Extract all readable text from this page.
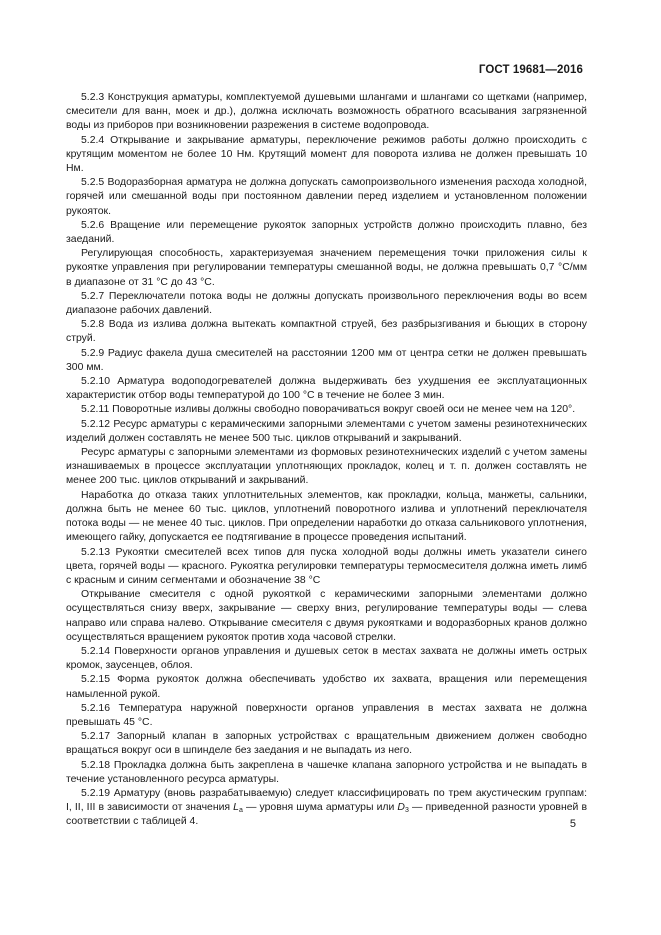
ГОСТ 19681—2016

5.2.3 Конструкция арматуры, комплектуемой душевыми шлангами и шлангами со щетками (например, смесители для ванн, моек и др.), должна исключать возможность обратного всасывания загрязненной воды из приборов при возникновении разрежения в системе водопровода.

5.2.4 Открывание и закрывание арматуры, переключение режимов работы должно происходить с крутящим моментом не более 10 Нм. Крутящий момент для поворота излива не должен превышать 10 Нм.

5.2.5 Водоразборная арматура не должна допускать самопроизвольного изменения расхода холодной, горячей или смешанной воды при постоянном давлении перед изделием и установленном положении рукояток.

5.2.6 Вращение или перемещение рукояток запорных устройств должно происходить плавно, без заеданий.

Регулирующая способность, характеризуемая значением перемещения точки приложения силы к рукоятке управления при регулировании температуры смешанной воды, не должна превышать 0,7 °С/мм в диапазоне от 31 °С до 43 °С.

5.2.7 Переключатели потока воды не должны допускать произвольного переключения воды во всем диапазоне рабочих давлений.

5.2.8 Вода из излива должна вытекать компактной струей, без разбрызгивания и бьющих в сторону струй.

5.2.9 Радиус факела душа смесителей на расстоянии 1200 мм от центра сетки не должен превышать 300 мм.

5.2.10 Арматура водоподогревателей должна выдерживать без ухудшения ее эксплуатационных характеристик отбор воды температурой до 100 °С в течение не более 3 мин.

5.2.11 Поворотные изливы должны свободно поворачиваться вокруг своей оси не менее чем на 120°.

5.2.12 Ресурс арматуры с керамическими запорными элементами с учетом замены резинотехнических изделий должен составлять не менее 500 тыс. циклов открываний и закрываний.

Ресурс арматуры с запорными элементами из формовых резинотехнических изделий с учетом замены изнашиваемых в процессе эксплуатации уплотняющих прокладок, колец и т. п. должен составлять не менее 200 тыс. циклов открываний и закрываний.

Наработка до отказа таких уплотнительных элементов, как прокладки, кольца, манжеты, сальники, должна быть не менее 60 тыс. циклов, уплотнений поворотного излива и уплотнений переключателя потока воды — не менее 40 тыс. циклов. При определении наработки до отказа сальникового уплотнения, имеющего гайку, допускается ее подтягивание в процессе проведения испытаний.

5.2.13 Рукоятки смесителей всех типов для пуска холодной воды должны иметь указатели синего цвета, горячей воды — красного. Рукоятка регулировки температуры термосмесителя должна иметь лимб с красным и синим сегментами и обозначение 38 °С

Открывание смесителя с одной рукояткой с керамическими запорными элементами должно осуществляться снизу вверх, закрывание — сверху вниз, регулирование температуры воды — слева направо или справа налево. Открывание смесителя с двумя рукоятками и водоразборных кранов должно осуществляться вращением рукояток против хода часовой стрелки.

5.2.14 Поверхности органов управления и душевых сеток в местах захвата не должны иметь острых кромок, заусенцев, облоя.

5.2.15 Форма рукояток должна обеспечивать удобство их захвата, вращения или перемещения намыленной рукой.

5.2.16 Температура наружной поверхности органов управления в местах захвата не должна превышать 45 °С.

5.2.17 Запорный клапан в запорных устройствах с вращательным движением должен свободно вращаться вокруг оси в шпинделе без заедания и не выпадать из него.

5.2.18 Прокладка должна быть закреплена в чашечке клапана запорного устройства и не выпадать в течение установленного ресурса арматуры.

5.2.19 Арматуру (вновь разрабатываемую) следует классифицировать по трем акустическим группам: I, II, III в зависимости от значения $L_a$ — уровня шума арматуры или $D_3$ — приведенной разности уровней в соответствии с таблицей 4.	5
